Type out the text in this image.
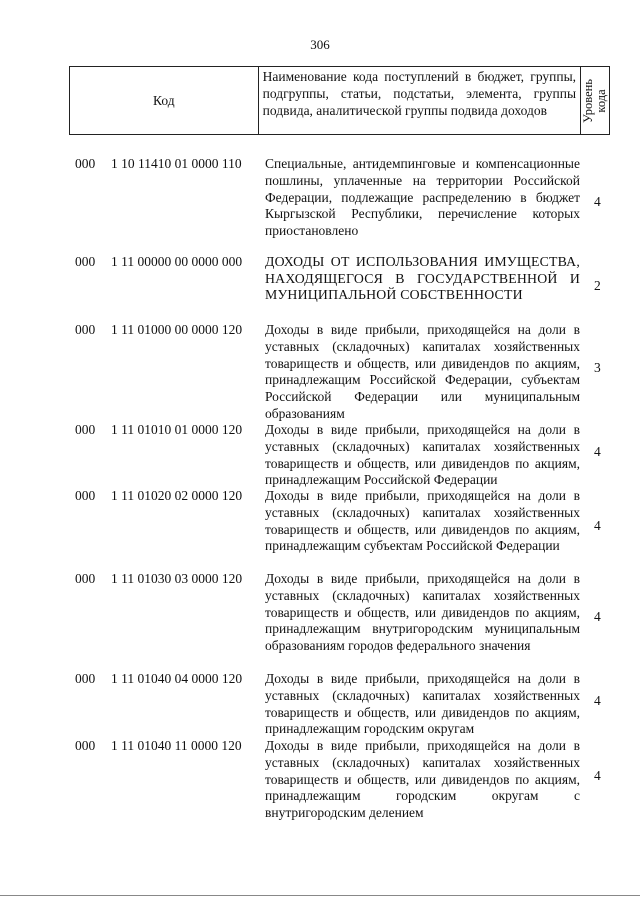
306
Код
Наименование кода поступлений в бюджет, группы, подгруппы, статьи, подстатьи, элемента, группы подвида, аналитической группы подвида доходов	Уровень
кода
000 1 10 11410 01 0000 110 Специальные, антидемпинговые и компенсационные пошлины, уплаченные на территории Российской Федерации, подлежащие распределению в бюджет Кыргызской Республики, перечисление которых приостановлено
4
000 1 11 00000 00 0000 000 ДОХОДЫ ОТ ИСПОЛЬЗОВАНИЯ ИМУЩЕСТВА, НАХОДЯЩЕГОСЯ В ГОСУДАРСТВЕННОЙ И МУНИЦИПАЛЬНОЙ СОБСТВЕННОСТИ
2
000 1 11 01000 00 0000 120 Доходы в виде прибыли, приходящейся на доли в уставных (складочных) капиталах хозяйственных товариществ и обществ, или дивидендов по акциям, принадлежащим Российской Федерации, субъектам Российской Федерации или муниципальным образованиям
3
000 1 11 01010 01 0000 120 Доходы в виде прибыли, приходящейся на доли в уставных (складочных) капиталах хозяйственных товариществ и обществ, или дивидендов по акциям, принадлежащим Российской Федерации
4
000 1 11 01020 02 0000 120 Доходы в виде прибыли, приходящейся на доли в уставных (складочных) капиталах хозяйственных товариществ и обществ, или дивидендов по акциям, принадлежащим субъектам Российской Федерации
4
000 1 11 01030 03 0000 120 Доходы в виде прибыли, приходящейся на доли в уставных (складочных) капиталах хозяйственных товариществ и обществ, или дивидендов по акциям, принадлежащим внутригородским муниципальным образованиям городов федерального значения
4
000 1 11 01040 04 0000 120 Доходы в виде прибыли, приходящейся на доли в уставных (складочных) капиталах хозяйственных товариществ и обществ, или дивидендов по акциям, принадлежащим городским округам
4
000 1 11 01040 11 0000 120 Доходы в виде прибыли, приходящейся на доли в уставных (складочных) капиталах хозяйственных товариществ и обществ, или дивидендов по акциям, принадлежащим городским округам с внутригородским делением
4
